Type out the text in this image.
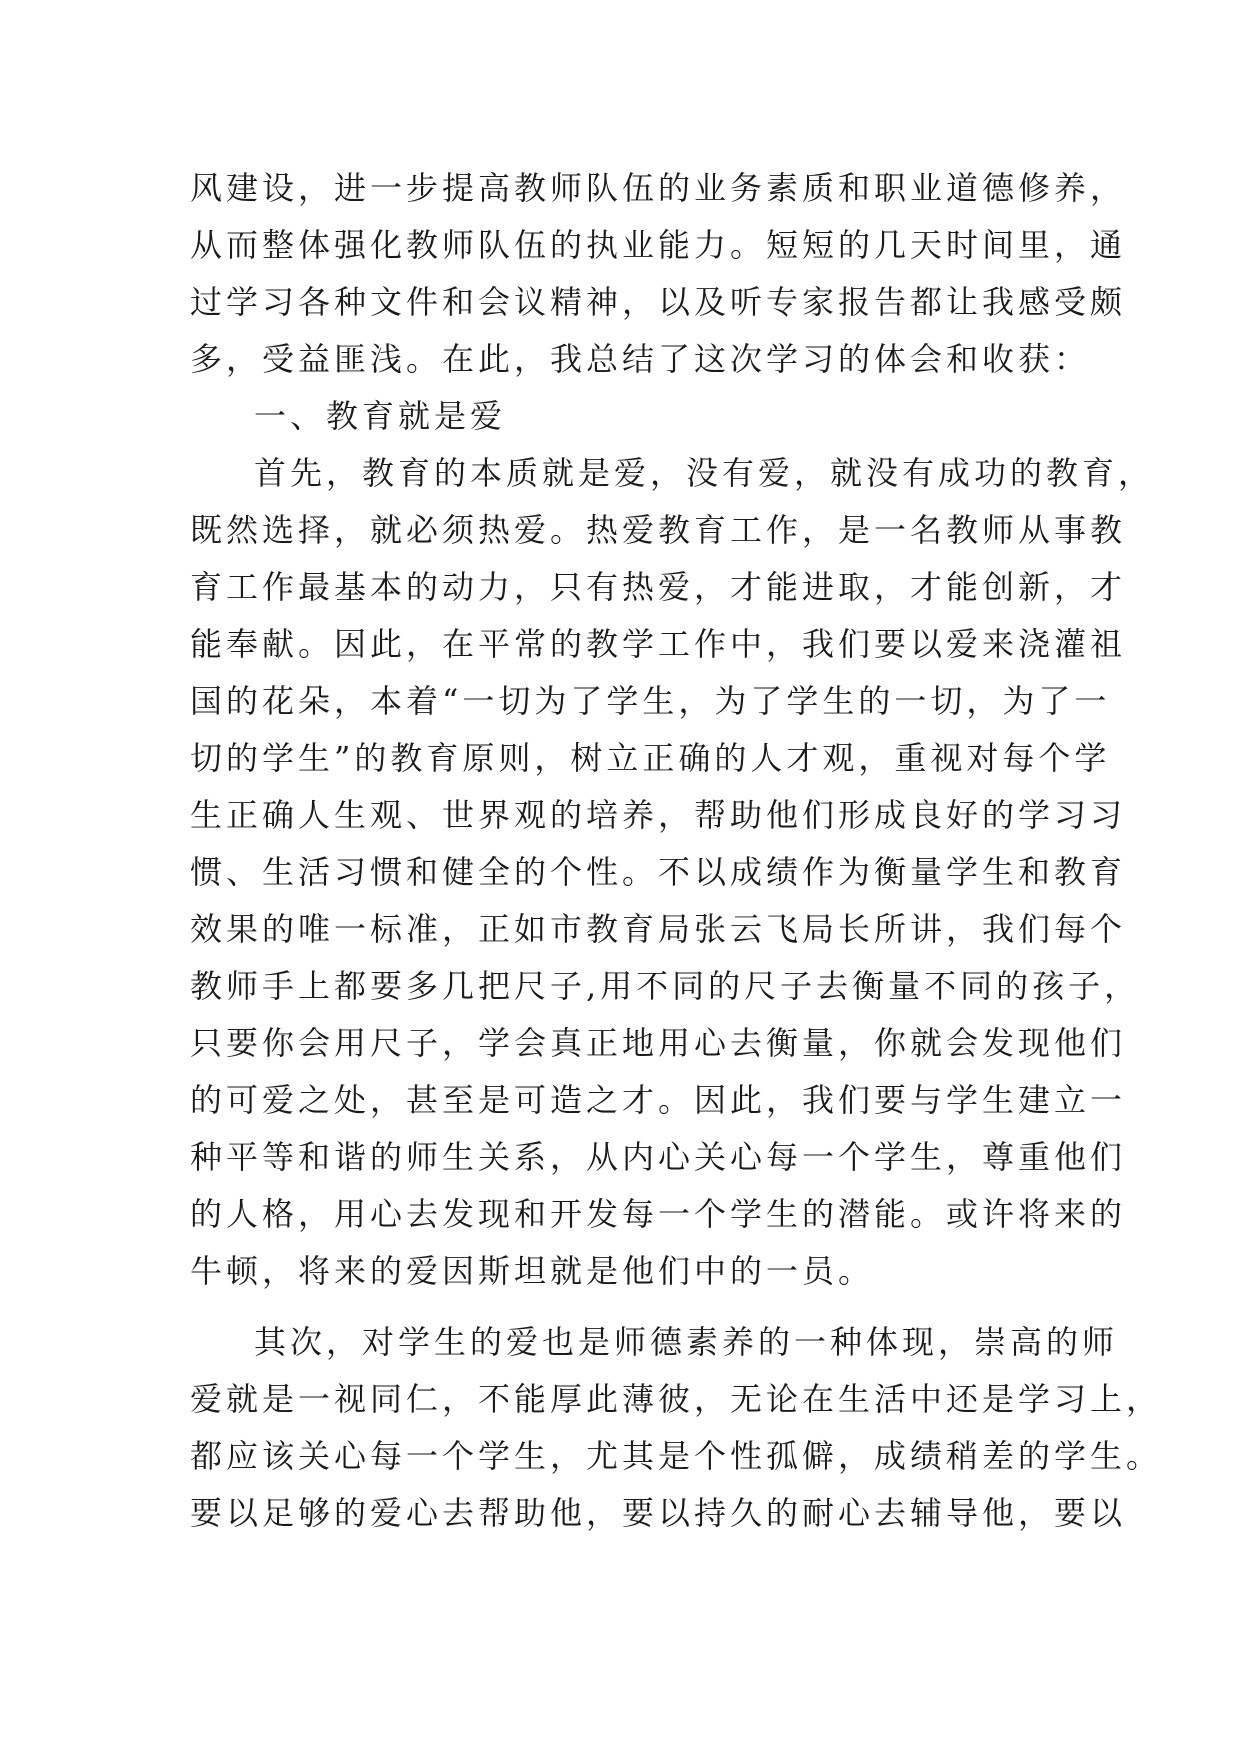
风建设，进一步提高教师队伍的业务素质和职业道德修养，
从而整体强化教师队伍的执业能力。短短的几天时间里，通
过学习各种文件和会议精神，以及听专家报告都让我感受颇
多，受益匪浅。在此，我总结了这次学习的体会和收获：
一、教育就是爱
首先，教育的本质就是爱，没有爱，就没有成功的教育，
既然选择，就必须热爱。热爱教育工作，是一名教师从事教
育工作最基本的动力，只有热爱，才能进取，才能创新，才
能奉献。因此，在平常的教学工作中，我们要以爱来浇灌祖
国的花朵，本着“一切为了学生，为了学生的一切，为了一
切的学生”的教育原则，树立正确的人才观，重视对每个学
生正确人生观、世界观的培养，帮助他们形成良好的学习习
惯、生活习惯和健全的个性。不以成绩作为衡量学生和教育
效果的唯一标准，正如市教育局张云飞局长所讲，我们每个
教师手上都要多几把尺子,用不同的尺子去衡量不同的孩子，
只要你会用尺子，学会真正地用心去衡量，你就会发现他们
的可爱之处，甚至是可造之才。因此，我们要与学生建立一
种平等和谐的师生关系，从内心关心每一个学生，尊重他们
的人格，用心去发现和开发每一个学生的潜能。或许将来的
牛顿，将来的爱因斯坦就是他们中的一员。
其次，对学生的爱也是师德素养的一种体现，崇高的师
爱就是一视同仁，不能厚此薄彼，无论在生活中还是学习上，
都应该关心每一个学生，尤其是个性孤僻，成绩稍差的学生。
要以足够的爱心去帮助他，要以持久的耐心去辅导他，要以
